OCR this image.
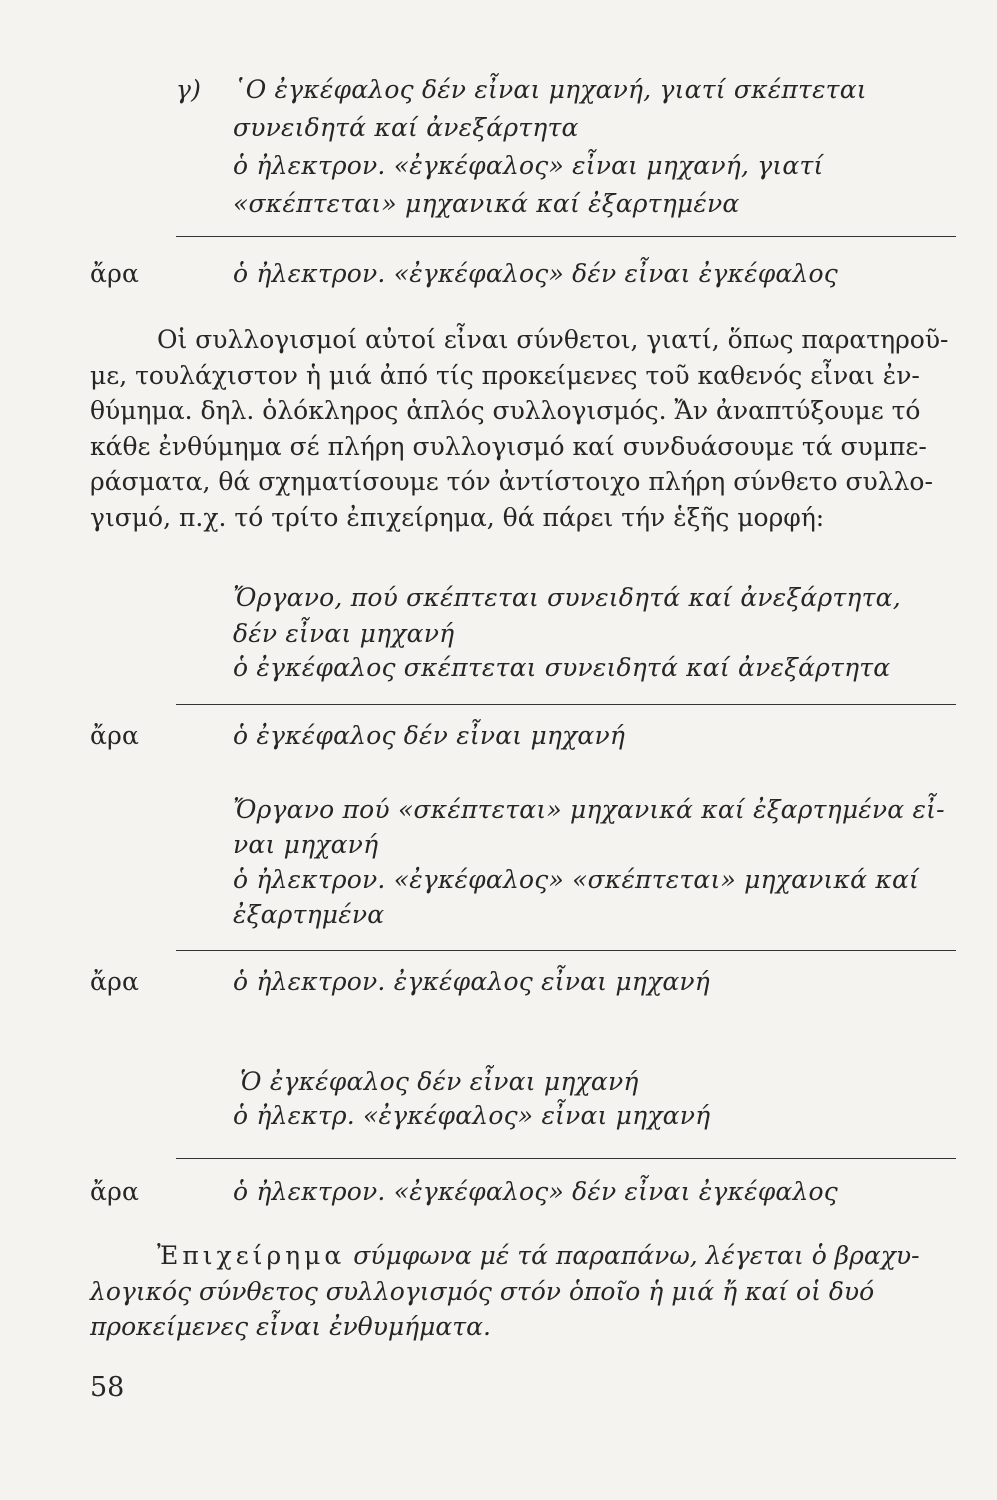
γ) ῾Ο ἐγκέφαλος δέν εἶναι μηχανή, γιατί σκέπτεται
συνειδητά καί ἀνεξάρτητα
ὁ ἠλεκτρον. «ἐγκέφαλος» εἶναι μηχανή, γιατί
«σκέπτεται» μηχανικά καί ἐξαρτημένα
ἄρα	ὁ ἠλεκτρον. «ἐγκέφαλος» δέν εἶναι ἐγκέφαλος
Οἱ συλλογισμοί αὐτοί εἶναι σύνθετοι, γιατί, ὅπως παρατηροῦ-
με, τουλάχιστον ἡ μιά ἀπό τίς προκείμενες τοῦ καθενός εἶναι ἐν-
θύμημα. δηλ. ὁλόκληρος ἁπλός συλλογισμός. Ἄν ἀναπτύξουμε τό
κάθε ἐνθύμημα σέ πλήρη συλλογισμό καί συνδυάσουμε τά συμπε-
ράσματα, θά σχηματίσουμε τόν ἀντίστοιχο πλήρη σύνθετο συλλο-
γισμό, π.χ. τό τρίτο ἐπιχείρημα, θά πάρει τήν ἑξῆς μορφή:
Ὄργανο, πού σκέπτεται συνειδητά καί ἀνεξάρτητα,
δέν εἶναι μηχανή
ὁ ἐγκέφαλος σκέπτεται συνειδητά καί ἀνεξάρτητα
ἄρα	ὁ ἐγκέφαλος δέν εἶναι μηχανή
Ὄργανο πού «σκέπτεται» μηχανικά καί ἐξαρτημένα εἶ-
ναι μηχανή
ὁ ἠλεκτρον. «ἐγκέφαλος» «σκέπτεται» μηχανικά καί
ἐξαρτημένα
ἄρα	ὁ ἠλεκτρον. ἐγκέφαλος εἶναι μηχανή
Ὁ ἐγκέφαλος δέν εἶναι μηχανή
ὁ ἠλεκτρ. «ἐγκέφαλος» εἶναι μηχανή
ἄρα	ὁ ἠλεκτρον. «ἐγκέφαλος» δέν εἶναι ἐγκέφαλος
Ἐπιχείρημα σύμφωνα μέ τά παραπάνω, λέγεται ὁ βραχυ-
λογικός σύνθετος συλλογισμός στόν ὁποῖο ἡ μιά ἤ καί οἱ δυό
προκείμενες εἶναι ἐνθυμήματα.
58
